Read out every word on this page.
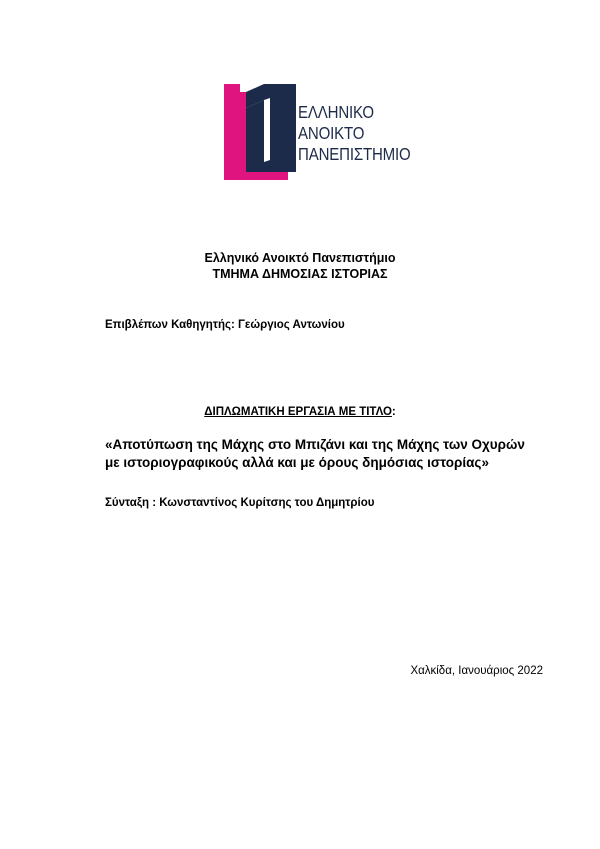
ΕΛΛΗΝΙΚΟ
ΑΝΟΙΚΤΟ
ΠΑΝΕΠΙΣΤΗΜΙΟ
Ελληνικό Ανοικτό Πανεπιστήμιο
ΤΜΗΜΑ ΔΗΜΟΣΙΑΣ ΙΣΤΟΡΙΑΣ
Επιβλέπων Καθηγητής: Γεώργιος Αντωνίου
ΔΙΠΛΩΜΑΤΙΚΗ ΕΡΓΑΣΙΑ ΜΕ ΤΙΤΛΟ:
«Αποτύπωση της Μάχης στο Μπιζάνι και της Μάχης των Οχυρών
με ιστοριογραφικούς αλλά και με όρους δημόσιας ιστορίας»
Σύνταξη : Κωνσταντίνος Κυρίτσης του Δημητρίου
Χαλκίδα, Ιανουάριος 2022
